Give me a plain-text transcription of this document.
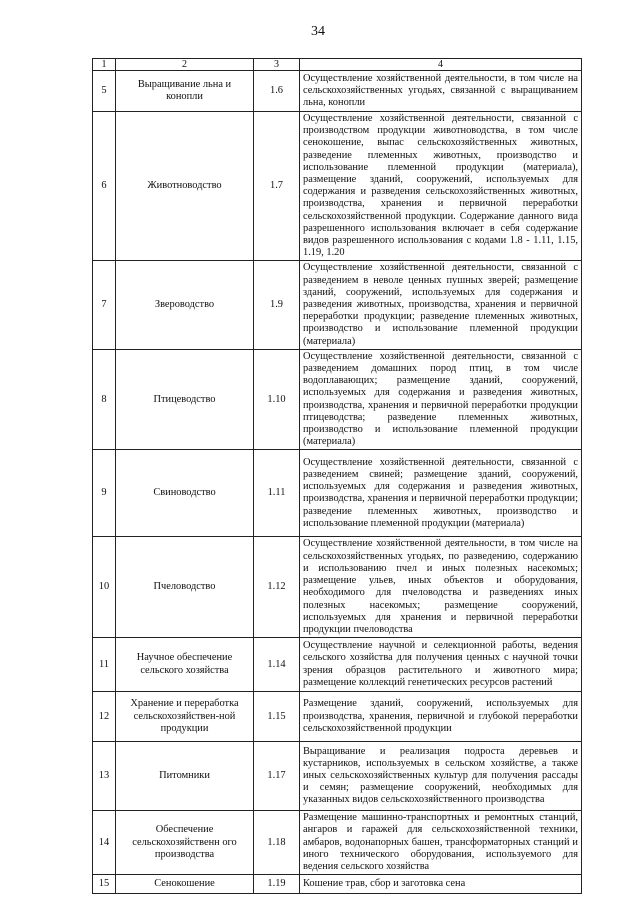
34
1	2	3	4
5	Выращивание льна и конопли	1.6	Осуществление хозяйственной деятельности, в том числе на сельскохозяйственных угодьях, связанной с выращиванием льна, конопли
6	Животноводство	1.7	Осуществление хозяйственной деятельности, связанной с производством продукции животноводства, в том числе сенокошение, выпас сельскохозяйственных животных, разведение племенных животных, производство и использование племенной продукции (материала), размещение зданий, сооружений, используемых для содержания и разведения сельскохозяйственных животных, производства, хранения и первичной переработки сельскохозяйственной продукции. Содержание данного вида разрешенного использования включает в себя содержание видов разрешенного использования с кодами 1.8 - 1.11, 1.15, 1.19, 1.20
7	Звероводство	1.9	Осуществление хозяйственной деятельности, связанной с разведением в неволе ценных пушных зверей; размещение зданий, сооружений, используемых для содержания и разведения животных, производства, хранения и первичной переработки продукции; разведение племенных животных, производство и использование племенной продукции (материала)
8	Птицеводство	1.10	Осуществление хозяйственной деятельности, связанной с разведением домашних пород птиц, в том числе водоплавающих; размещение зданий, сооружений, используемых для содержания и разведения животных, производства, хранения и первичной переработки продукции птицеводства; разведение племенных животных, производство и использование племенной продукции (материала)
9	Свиноводство	1.11	Осуществление хозяйственной деятельности, связанной с разведением свиней; размещение зданий, сооружений, используемых для содержания и разведения животных, производства, хранения и первичной переработки продукции; разведение племенных животных, производство и использование племенной продукции (материала)
10	Пчеловодство	1.12	Осуществление хозяйственной деятельности, в том числе на сельскохозяйственных угодьях, по разведению, содержанию и использованию пчел и иных полезных насекомых; размещение ульев, иных объектов и оборудования, необходимого для пчеловодства и разведениях иных полезных насекомых; размещение сооружений, используемых для хранения и первичной переработки продукции пчеловодства
11	Научное обеспечение сельского хозяйства	1.14	Осуществление научной и селекционной работы, ведения сельского хозяйства для получения ценных с научной точки зрения образцов растительного и животного мира; размещение коллекций генетических ресурсов растений
12	Хранение и переработка сельскохозяйствен-ной продукции	1.15	Размещение зданий, сооружений, используемых для производства, хранения, первичной и глубокой переработки сельскохозяйственной продукции
13	Питомники	1.17	Выращивание и реализация подроста деревьев и кустарников, используемых в сельском хозяйстве, а также иных сельскохозяйственных культур для получения рассады и семян; размещение сооружений, необходимых для указанных видов сельскохозяйственного производства
14	Обеспечение сельскохозяйственн ого производства	1.18	Размещение машинно-транспортных и ремонтных станций, ангаров и гаражей для сельскохозяйственной техники, амбаров, водонапорных башен, трансформаторных станций и иного технического оборудования, используемого для ведения сельского хозяйства
15	Сенокошение	1.19	Кошение трав, сбор и заготовка сена
